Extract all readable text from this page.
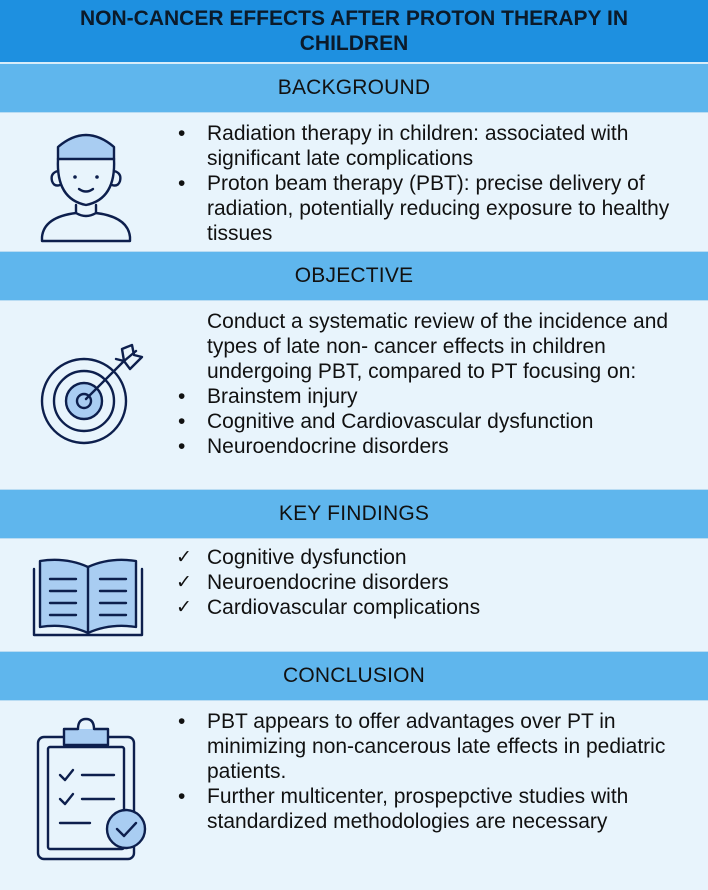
NON-CANCER EFFECTS AFTER PROTON THERAPY IN CHILDREN
BACKGROUND
•	Radiation therapy in children: associated with significant late complications
•	Proton beam therapy (PBT): precise delivery of radiation, potentially reducing exposure to healthy tissues
OBJECTIVE
Conduct a systematic review of the incidence and types of late non- cancer effects in children undergoing PBT, compared to PT focusing on:
•	Brainstem injury
•	Cognitive and Cardiovascular dysfunction
•	Neuroendocrine disorders
KEY FINDINGS
✓ Cognitive dysfunction
✓ Neuroendocrine disorders
✓ Cardiovascular complications
CONCLUSION
•	PBT appears to offer advantages over PT in minimizing non-cancerous late effects in pediatric patients.
•	Further multicenter, prospepctive studies with standardized methodologies are necessary
